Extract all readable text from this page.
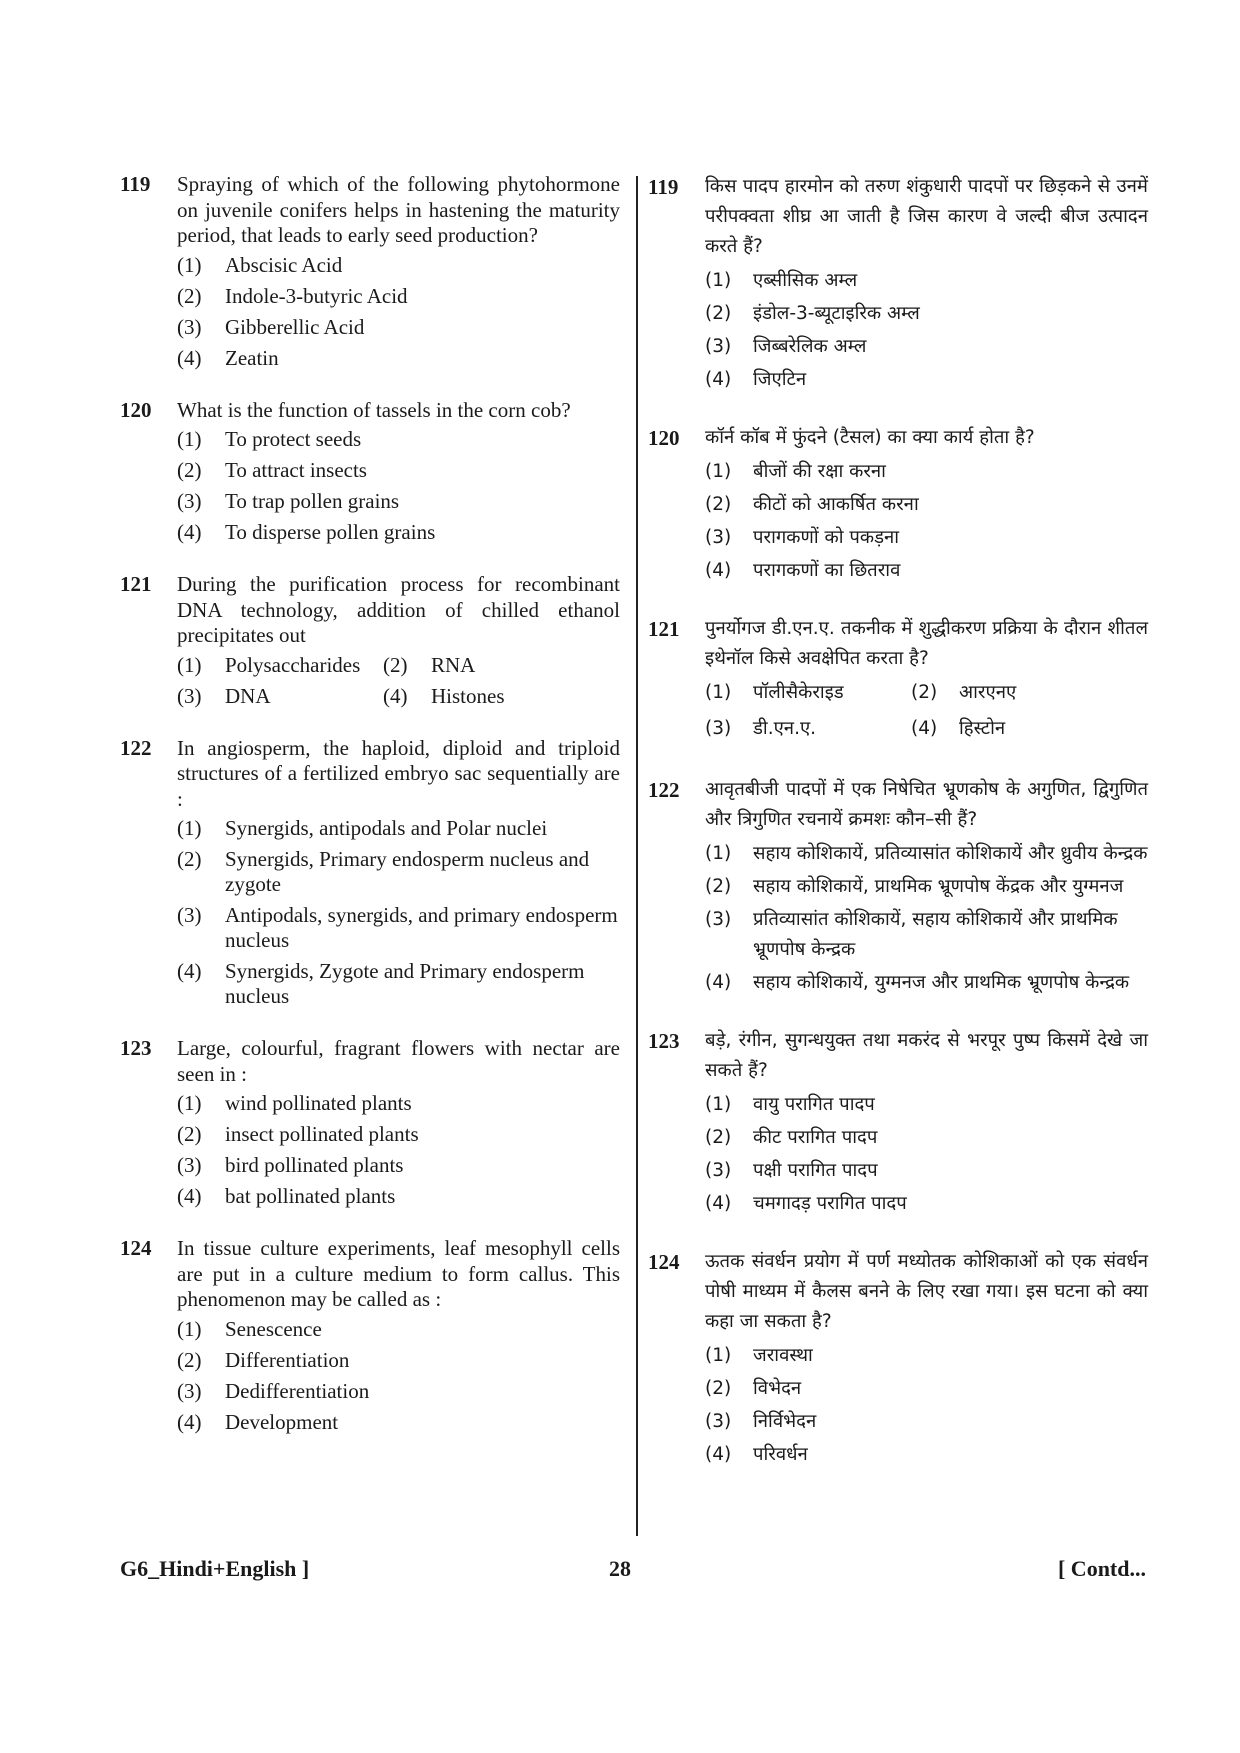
119 Spraying of which of the following phytohormone on juvenile conifers helps in hastening the maturity period, that leads to early seed production?
(1) Abscisic Acid
(2) Indole-3-butyric Acid
(3) Gibberellic Acid
(4) Zeatin
120 What is the function of tassels in the corn cob?
(1) To protect seeds
(2) To attract insects
(3) To trap pollen grains
(4) To disperse pollen grains
121 During the purification process for recombinant DNA technology, addition of chilled ethanol precipitates out
(1) Polysaccharides	(2) RNA
(3) DNA	(4) Histones
122 In angiosperm, the haploid, diploid and triploid structures of a fertilized embryo sac sequentially are :
(1) Synergids, antipodals and Polar nuclei
(2) Synergids, Primary endosperm nucleus and zygote
(3) Antipodals, synergids, and primary endosperm nucleus
(4) Synergids, Zygote and Primary endosperm nucleus
123 Large, colourful, fragrant flowers with nectar are seen in :
(1) wind pollinated plants
(2) insect pollinated plants
(3) bird pollinated plants
(4) bat pollinated plants
124 In tissue culture experiments, leaf mesophyll cells are put in a culture medium to form callus. This phenomenon may be called as :
(1) Senescence
(2) Differentiation
(3) Dedifferentiation
(4) Development
119 किस पादप हारमोन को तरुण शंकुधारी पादपों पर छिड़कने से उनमें परीपक्वता शीघ्र आ जाती है जिस कारण वे जल्दी बीज उत्पादन करते हैं?
(1) एब्सीसिक अम्ल
(2) इंडोल-3-ब्यूटाइरिक अम्ल
(3) जिब्बरेलिक अम्ल
(4) जिएटिन
120 कॉर्न कॉब में फुंदने (टैसल) का क्या कार्य होता है?
(1) बीजों की रक्षा करना
(2) कीटों को आकर्षित करना
(3) परागकणों को पकड़ना
(4) परागकणों का छितराव
121 पुनर्योगज डी.एन.ए. तकनीक में शुद्धीकरण प्रक्रिया के दौरान शीतल इथेनॉल किसे अवक्षेपित करता है?
(1) पॉलीसैकेराइड	(2) आरएनए
(3) डी.एन.ए.	(4) हिस्टोन
122 आवृतबीजी पादपों में एक निषेचित भ्रूणकोष के अगुणित, द्विगुणित और त्रिगुणित रचनायें क्रमशः कौन–सी हैं?
(1) सहाय कोशिकायें, प्रतिव्यासांत कोशिकायें और ध्रुवीय केन्द्रक
(2) सहाय कोशिकायें, प्राथमिक भ्रूणपोष केंद्रक और युग्मनज
(3) प्रतिव्यासांत कोशिकायें, सहाय कोशिकायें और प्राथमिक भ्रूणपोष केन्द्रक
(4) सहाय कोशिकायें, युग्मनज और प्राथमिक भ्रूणपोष केन्द्रक
123 बड़े, रंगीन, सुगन्धयुक्त तथा मकरंद से भरपूर पुष्प किसमें देखे जा सकते हैं?
(1) वायु परागित पादप
(2) कीट परागित पादप
(3) पक्षी परागित पादप
(4) चमगादड़ परागित पादप
124 ऊतक संवर्धन प्रयोग में पर्ण मध्योतक कोशिकाओं को एक संवर्धन पोषी माध्यम में कैलस बनने के लिए रखा गया। इस घटना को क्या कहा जा सकता है?
(1) जरावस्था
(2) विभेदन
(3) निर्विभेदन
(4) परिवर्धन
G6_Hindi+English ]	28	[ Contd...
